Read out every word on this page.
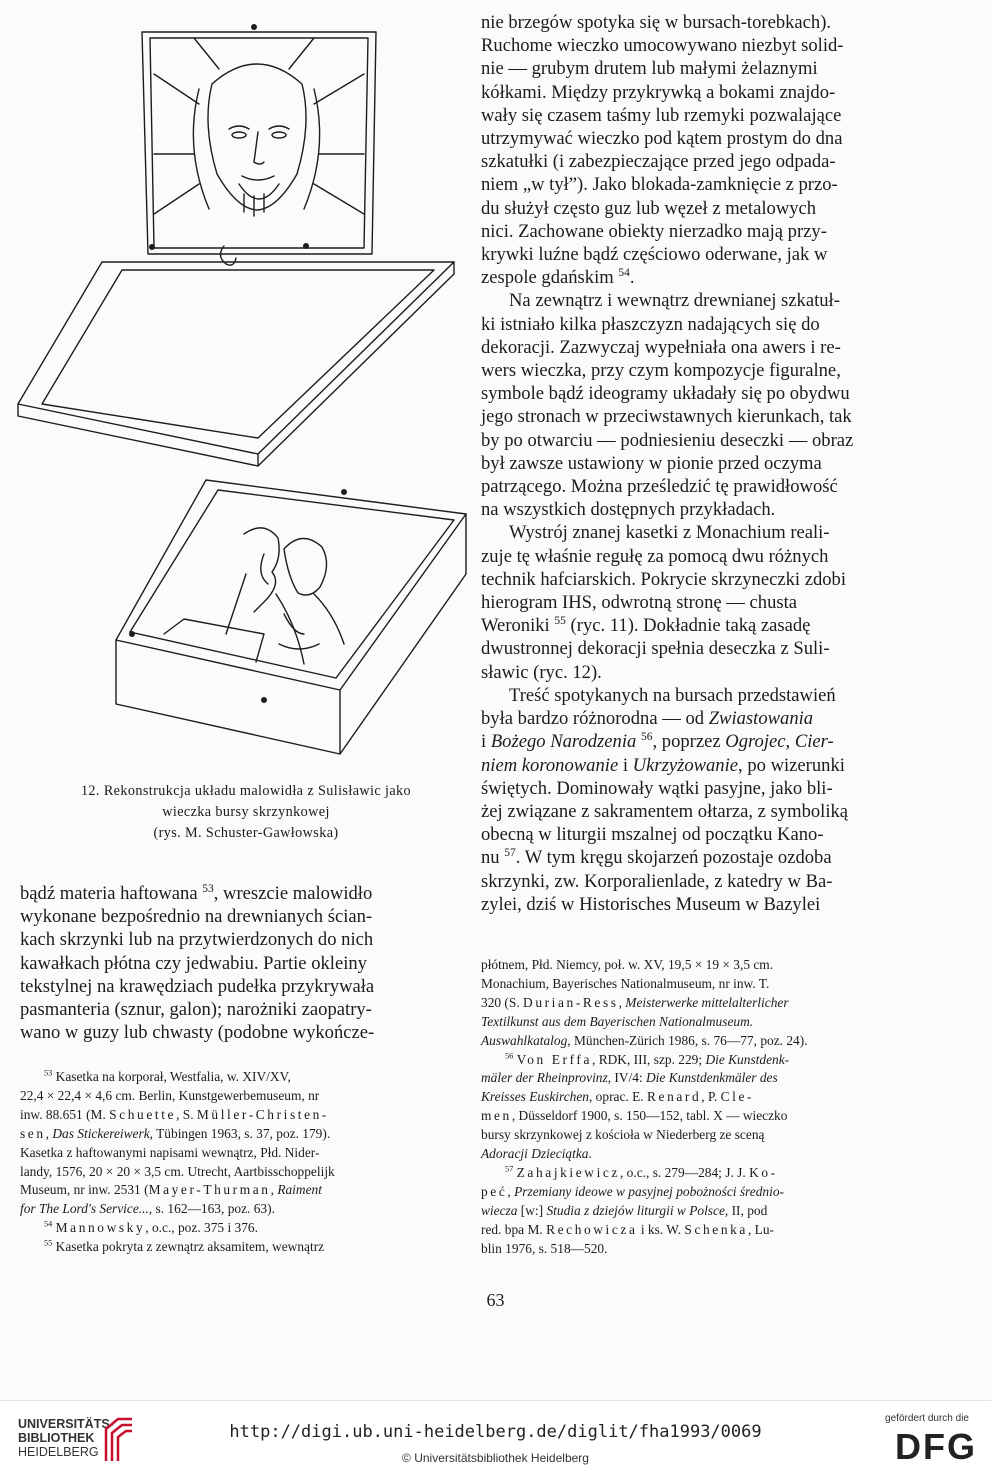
12. Rekonstrukcja układu malowidła z Sulisławic jako
wieczka bursy skrzynkowej
(rys. M. Schuster-Gawłowska)

nie brzegów spotyka się w bursach-torebkach).
Ruchome wieczko umocowywano niezbyt solid-
nie — grubym drutem lub małymi żelaznymi
kółkami. Między przykrywką a bokami znajdo-
wały się czasem taśmy lub rzemyki pozwalające
utrzymywać wieczko pod kątem prostym do dna
szkatułki (i zabezpieczające przed jego odpada-
niem „w tył”). Jako blokada-zamknięcie z przo-
du służył często guz lub węzeł z metalowych
nici. Zachowane obiekty nierzadko mają przy-
krywki luźne bądź częściowo oderwane, jak w
zespole gdańskim $^{54}$.

Na zewnątrz i wewnątrz drewnianej szkatuł-
ki istniało kilka płaszczyzn nadających się do
dekoracji. Zazwyczaj wypełniała ona awers i re-
wers wieczka, przy czym kompozycje figuralne,
symbole bądź ideogramy układały się po obydwu
jego stronach w przeciwstawnych kierunkach, tak
by po otwarciu — podniesieniu deseczki — obraz
był zawsze ustawiony w pionie przed oczyma
patrzącego. Można prześledzić tę prawidłowość
na wszystkich dostępnych przykładach.

Wystrój znanej kasetki z Monachium reali-
zuje tę właśnie regułę za pomocą dwu różnych
technik hafciarskich. Pokrycie skrzyneczki zdobi
hierogram IHS, odwrotną stronę — chusta
Weroniki $^{55}$ (ryc. 11). Dokładnie taką zasadę
dwustronnej dekoracji spełnia deseczka z Suli-
sławic (ryc. 12).

Treść spotykanych na bursach przedstawień
była bardzo różnorodna — od Zwiastowania
i Bożego Narodzenia $^{56}$, poprzez Ogrojec, Cier-
niem koronowanie i Ukrzyżowanie, po wizerunki
świętych. Dominowały wątki pasyjne, jako bli-
żej związane z sakramentem ołtarza, z symboliką
obecną w liturgii mszalnej od początku Kano-
nu $^{57}$. W tym kręgu skojarzeń pozostaje ozdoba
skrzynki, zw. Korporalienlade, z katedry w Ba-
zylei, dziś w Historisches Museum w Bazylei

bądź materia haftowana $^{53}$, wreszcie malowidło
wykonane bezpośrednio na drewnianych ścian-
kach skrzynki lub na przytwierdzonych do nich
kawałkach płótna czy jedwabiu. Partie okleiny
tekstylnej na krawędziach pudełka przykrywała
pasmanteria (sznur, galon); narożniki zaopatry-
wano w guzy lub chwasty (podobne wykończe-

$^{53}$ Kasetka na korporał, Westfalia, w. XIV/XV,
22,4 × 22,4 × 4,6 cm. Berlin, Kunstgewerbemuseum, nr
inw. 88.651 (M. Schuette, S. Müller-Christen-
sen, Das Stickereiwerk, Tübingen 1963, s. 37, poz. 179).
Kasetka z haftowanymi napisami wewnątrz, Płd. Nider-
landy, 1576, 20 × 20 × 3,5 cm. Utrecht, Aartbisschoppelijk
Museum, nr inw. 2531 (Mayer-Thurman, Raiment
for The Lord's Service..., s. 162—163, poz. 63).

$^{54}$ Mannowsky, o.c., poz. 375 i 376.

$^{55}$ Kasetka pokryta z zewnątrz aksamitem, wewnątrz

płótnem, Płd. Niemcy, poł. w. XV, 19,5 × 19 × 3,5 cm.
Monachium, Bayerisches Nationalmuseum, nr inw. T.
320 (S. Durian-Ress, Meisterwerke mittelalterlicher
Textilkunst aus dem Bayerischen Nationalmuseum.
Auswahlkatalog, München-Zürich 1986, s. 76—77, poz. 24).

$^{56}$ Von Erffa, RDK, III, szp. 229; Die Kunstdenk-
mäler der Rheinprovinz, IV/4: Die Kunstdenkmäler des
Kreisses Euskirchen, oprac. E. Renard, P. Cle-
men, Düsseldorf 1900, s. 150—152, tabl. X — wieczko
bursy skrzynkowej z kościoła w Niederberg ze sceną
Adoracji Dzieciątka.

$^{57}$ Zahajkiewicz, o.c., s. 279—284; J. J. Ko-
peć, Przemiany ideowe w pasyjnej pobożności średnio-
wiecza [w:] Studia z dziejów liturgii w Polsce, II, pod
red. bpa M. Rechowicza i ks. W. Schenka, Lu-
blin 1976, s. 518—520.

63
UNIVERSITÄTS-
BIBLIOTHEK
HEIDELBERG
http://digi.ub.uni-heidelberg.de/diglit/fha1993/0069
© Universitätsbibliothek Heidelberg
gefördert durch die
DFG
